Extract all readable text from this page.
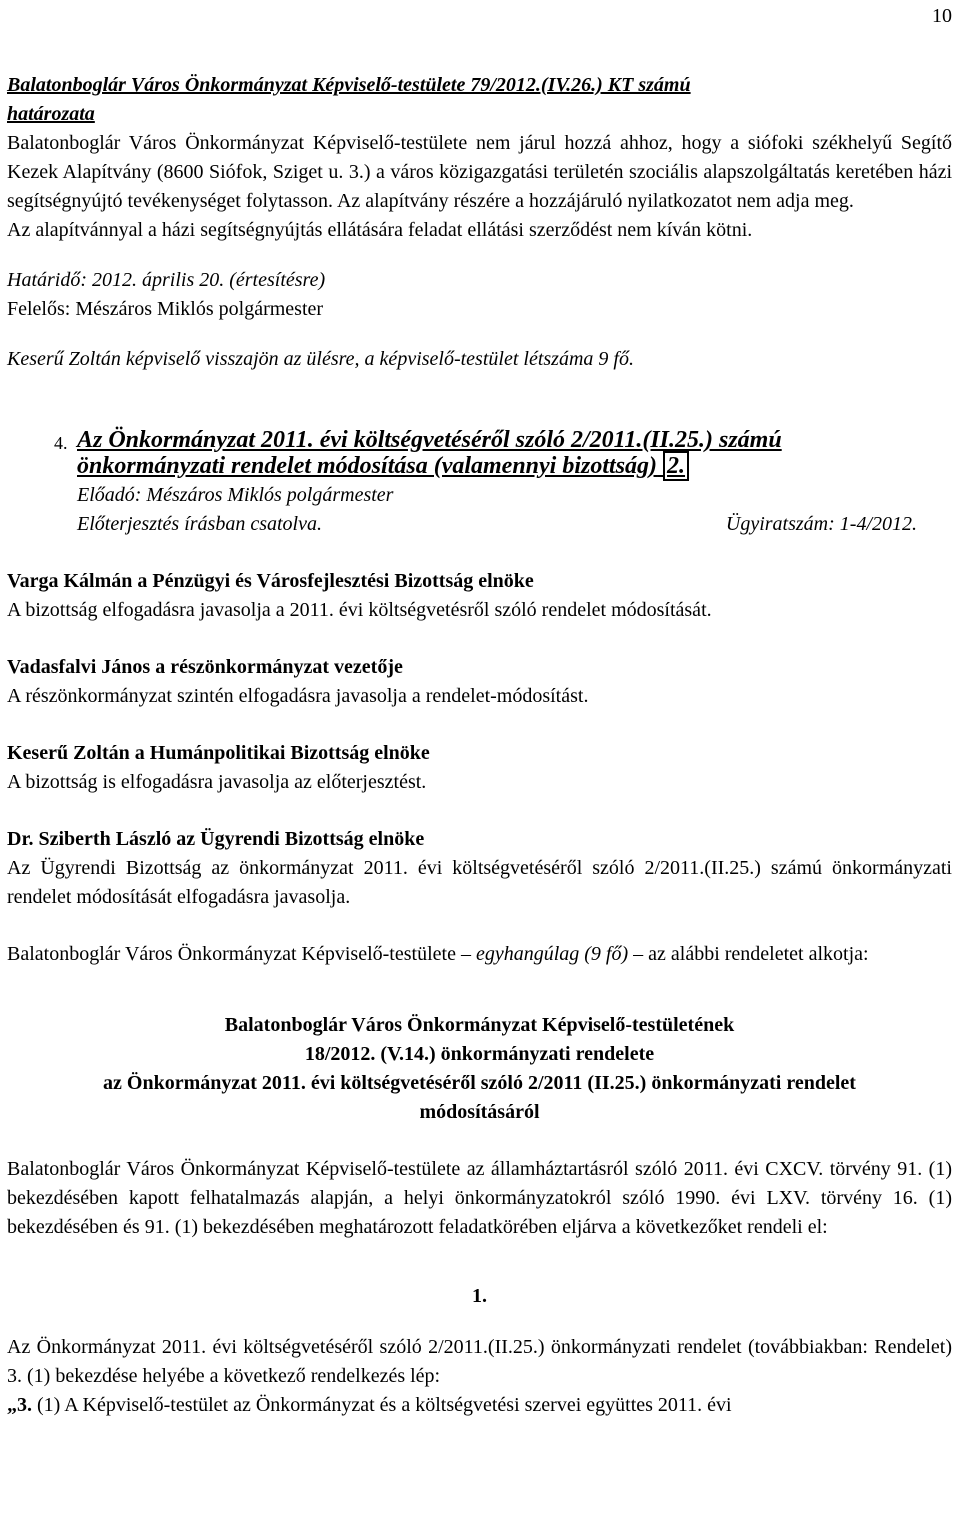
10

Balatonboglár Város Önkormányzat Képviselő-testülete 79/2012.(IV.26.) KT számú
határozata

Balatonboglár Város Önkormányzat Képviselő-testülete nem járul hozzá ahhoz, hogy a siófoki székhelyű Segítő Kezek Alapítvány (8600 Siófok, Sziget u. 3.) a város közigazgatási területén szociális alapszolgáltatás keretében házi segítségnyújtó tevékenységet folytasson. Az alapítvány részére a hozzájáruló nyilatkozatot nem adja meg.

Az alapítvánnyal a házi segítségnyújtás ellátására feladat ellátási szerződést nem kíván kötni.

Határidő: 2012. április 20. (értesítésre)

Felelős: Mészáros Miklós polgármester

Keserű Zoltán képviselő visszajön az ülésre, a képviselő-testület létszáma 9 fő.

4. Az Önkormányzat 2011. évi költségvetéséről szóló 2/2011.(II.25.) számú
önkormányzati rendelet módosítása (valamennyi bizottság) 2.

Előadó: Mészáros Miklós polgármester

Előterjesztés írásban csatolva.	Ügyiratszám: 1-4/2012.

Varga Kálmán a Pénzügyi és Városfejlesztési Bizottság elnöke

A bizottság elfogadásra javasolja a 2011. évi költségvetésről szóló rendelet módosítását.

Vadasfalvi János a részönkormányzat vezetője

A részönkormányzat szintén elfogadásra javasolja a rendelet-módosítást.

Keserű Zoltán a Humánpolitikai Bizottság elnöke

A bizottság is elfogadásra javasolja az előterjesztést.

Dr. Sziberth László az Ügyrendi Bizottság elnöke

Az Ügyrendi Bizottság az önkormányzat 2011. évi költségvetéséről szóló 2/2011.(II.25.) számú önkormányzati rendelet módosítását elfogadásra javasolja.

Balatonboglár Város Önkormányzat Képviselő-testülete – egyhangúlag (9 fő) – az alábbi rendeletet alkotja:

Balatonboglár Város Önkormányzat Képviselő-testületének
18/2012. (V.14.) önkormányzati rendelete
az Önkormányzat 2011. évi költségvetéséről szóló 2/2011 (II.25.) önkormányzati rendelet
módosításáról

Balatonboglár Város Önkormányzat Képviselő-testülete az államháztartásról szóló 2011. évi CXCV. törvény 91. (1) bekezdésében kapott felhatalmazás alapján, a helyi önkormányzatokról szóló 1990. évi LXV. törvény 16. (1) bekezdésében és 91. (1) bekezdésében meghatározott feladatkörében eljárva a következőket rendeli el:

1.

Az Önkormányzat 2011. évi költségvetéséről szóló 2/2011.(II.25.) önkormányzati rendelet (továbbiakban: Rendelet) 3. (1) bekezdése helyébe a következő rendelkezés lép:

„3. (1) A Képviselő-testület az Önkormányzat és a költségvetési szervei együttes 2011. évi
